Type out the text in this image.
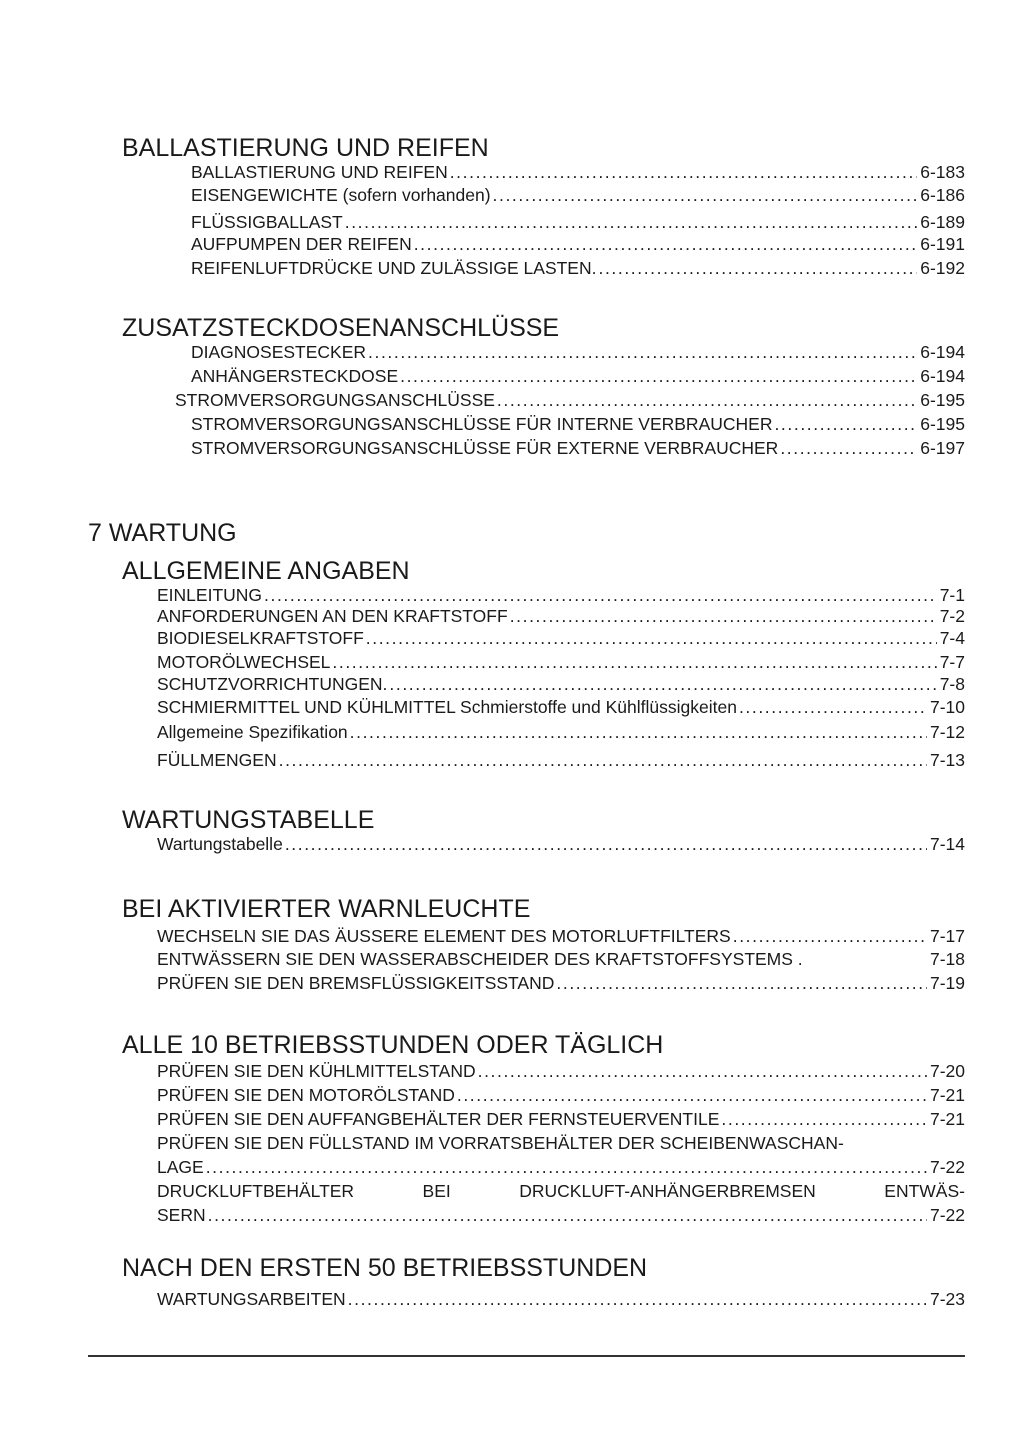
BALLASTIERUNG UND REIFEN
BALLASTIERUNG UND REIFEN .....	6-183
EISENGEWICHTE (sofern vorhanden) .....	6-186
FLÜSSIGBALLAST .....	6-189
AUFPUMPEN DER REIFEN .....	6-191
REIFENLUFTDRÜCKE UND ZULÄSSIGE LASTEN. .....	6-192
ZUSATZSTECKDOSENANSCHLÜSSE
DIAGNOSESTECKER .....	6-194
ANHÄNGERSTECKDOSE .....	6-194
STROMVERSORGUNGSANSCHLÜSSE .....	6-195
STROMVERSORGUNGSANSCHLÜSSE FÜR INTERNE VERBRAUCHER .....	6-195
STROMVERSORGUNGSANSCHLÜSSE FÜR EXTERNE VERBRAUCHER .....	6-197
7 WARTUNG
ALLGEMEINE ANGABEN
EINLEITUNG .....	7-1
ANFORDERUNGEN AN DEN KRAFTSTOFF .....	7-2
BIODIESELKRAFTSTOFF .....	7-4
MOTORÖLWECHSEL .....	7-7
SCHUTZVORRICHTUNGEN. .....	7-8
SCHMIERMITTEL UND KÜHLMITTEL Schmierstoffe und Kühlflüssigkeiten .....	7-10
Allgemeine Spezifikation .....	7-12
FÜLLMENGEN .....	7-13
WARTUNGSTABELLE
Wartungstabelle .....	7-14
BEI AKTIVIERTER WARNLEUCHTE
WECHSELN SIE DAS ÄUSSERE ELEMENT DES MOTORLUFTFILTERS .....	7-17
ENTWÄSSERN SIE DEN WASSERABSCHEIDER DES KRAFTSTOFFSYSTEMS .	7-18
PRÜFEN SIE DEN BREMSFLÜSSIGKEITSSTAND .....	7-19
ALLE 10 BETRIEBSSTUNDEN ODER TÄGLICH
PRÜFEN SIE DEN KÜHLMITTELSTAND .....	7-20
PRÜFEN SIE DEN MOTORÖLSTAND .....	7-21
PRÜFEN SIE DEN AUFFANGBEHÄLTER DER FERNSTEUERVENTILE .....	7-21
PRÜFEN SIE DEN FÜLLSTAND IM VORRATSBEHÄLTER DER SCHEIBENWASCHAN-
LAGE .....	7-22
DRUCKLUFTBEHÄLTER	BEI	DRUCKLUFT-ANHÄNGERBREMSEN	ENTWÄS-
SERN .....	7-22
NACH DEN ERSTEN 50 BETRIEBSSTUNDEN
WARTUNGSARBEITEN .....	7-23
